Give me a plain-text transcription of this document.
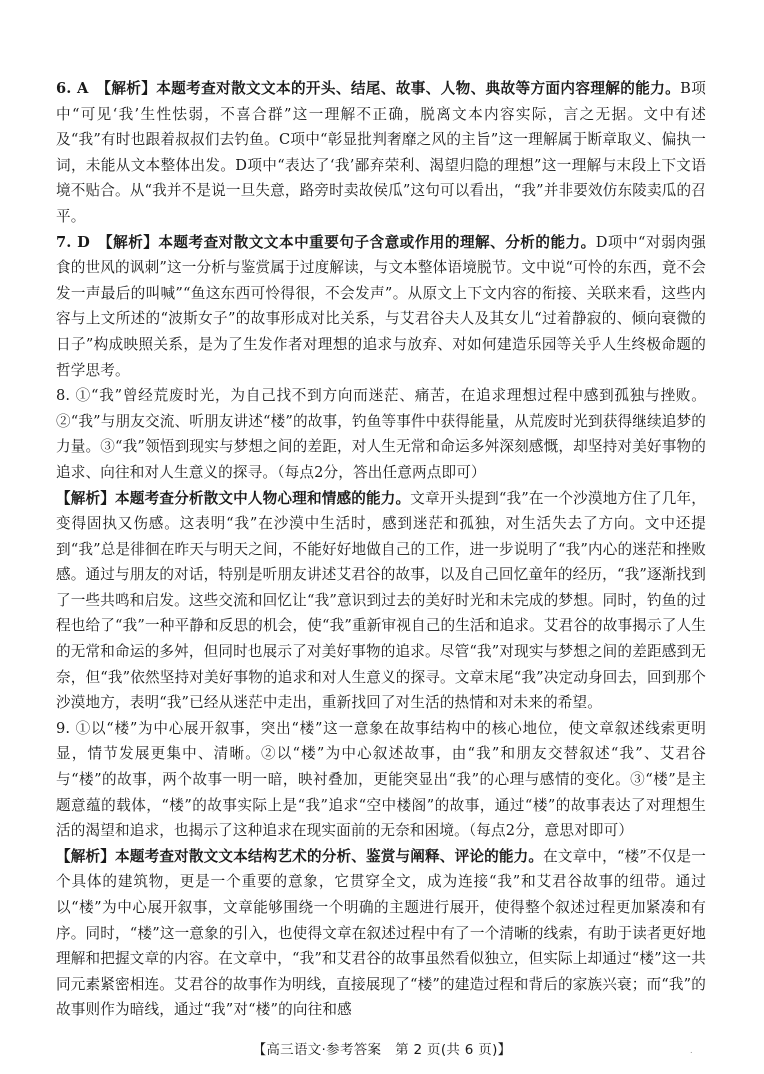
6. A　【解析】本题考查对散文文本的开头、结尾、故事、人物、典故等方面内容理解的能力。B项中“可见‘我’生性怯弱，不喜合群”这一理解不正确，脱离文本内容实际，言之无据。文中有述及“我”有时也跟着叔叔们去钓鱼。C项中“彰显批判奢靡之风的主旨”这一理解属于断章取义、偏执一词，未能从文本整体出发。D项中“表达了‘我’鄙弃荣利、渴望归隐的理想”这一理解与末段上下文语境不贴合。从“我并不是说一旦失意，路旁时卖故侯瓜”这句可以看出，“我”并非要效仿东陵卖瓜的召平。

7. D　【解析】本题考查对散文文本中重要句子含意或作用的理解、分析的能力。D项中“对弱肉强食的世风的讽刺”这一分析与鉴赏属于过度解读，与文本整体语境脱节。文中说“可怜的东西，竟不会发一声最后的叫喊”“鱼这东西可怜得很，不会发声”。从原文上下文内容的衔接、关联来看，这些内容与上文所述的“波斯女子”的故事形成对比关系，与艾君谷夫人及其女儿“过着静寂的、倾向衰微的日子”构成映照关系，是为了生发作者对理想的追求与放弃、对如何建造乐园等关乎人生终极命题的哲学思考。

8. ①“我”曾经荒废时光，为自己找不到方向而迷茫、痛苦，在追求理想过程中感到孤独与挫败。②“我”与朋友交流、听朋友讲述“楼”的故事，钓鱼等事件中获得能量，从荒废时光到获得继续追梦的力量。③“我”领悟到现实与梦想之间的差距，对人生无常和命运多舛深刻感慨，却坚持对美好事物的追求、向往和对人生意义的探寻。（每点2分，答出任意两点即可）

【解析】本题考查分析散文中人物心理和情感的能力。文章开头提到“我”在一个沙漠地方住了几年，变得固执又伤感。这表明“我”在沙漠中生活时，感到迷茫和孤独，对生活失去了方向。文中还提到“我”总是徘徊在昨天与明天之间，不能好好地做自己的工作，进一步说明了“我”内心的迷茫和挫败感。通过与朋友的对话，特别是听朋友讲述艾君谷的故事，以及自己回忆童年的经历，“我”逐渐找到了一些共鸣和启发。这些交流和回忆让“我”意识到过去的美好时光和未完成的梦想。同时，钓鱼的过程也给了“我”一种平静和反思的机会，使“我”重新审视自己的生活和追求。艾君谷的故事揭示了人生的无常和命运的多舛，但同时也展示了对美好事物的追求。尽管“我”对现实与梦想之间的差距感到无奈，但“我”依然坚持对美好事物的追求和对人生意义的探寻。文章末尾“我”决定动身回去，回到那个沙漠地方，表明“我”已经从迷茫中走出，重新找回了对生活的热情和对未来的希望。

9. ①以“楼”为中心展开叙事，突出“楼”这一意象在故事结构中的核心地位，使文章叙述线索更明显，情节发展更集中、清晰。②以“楼”为中心叙述故事，由“我”和朋友交替叙述“我”、艾君谷与“楼”的故事，两个故事一明一暗，映衬叠加，更能突显出“我”的心理与感情的变化。③“楼”是主题意蕴的载体，“楼”的故事实际上是“我”追求“空中楼阁”的故事，通过“楼”的故事表达了对理想生活的渴望和追求，也揭示了这种追求在现实面前的无奈和困境。（每点2分，意思对即可）

【解析】本题考查对散文文本结构艺术的分析、鉴赏与阐释、评论的能力。在文章中，“楼”不仅是一个具体的建筑物，更是一个重要的意象，它贯穿全文，成为连接“我”和艾君谷故事的纽带。通过以“楼”为中心展开叙事，文章能够围绕一个明确的主题进行展开，使得整个叙述过程更加紧凑和有序。同时，“楼”这一意象的引入，也使得文章在叙述过程中有了一个清晰的线索，有助于读者更好地理解和把握文章的内容。在文章中，“我”和艾君谷的故事虽然看似独立，但实际上却通过“楼”这一共同元素紧密相连。艾君谷的故事作为明线，直接展现了“楼”的建造过程和背后的家族兴衰；而“我”的故事则作为暗线，通过“我”对“楼”的向往和感

【高三语文·参考答案　第 2 页(共 6 页)】	.
